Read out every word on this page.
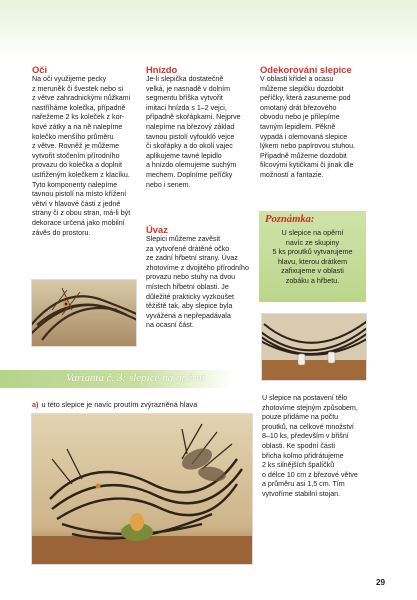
Oči

Na oči využijeme pecky
z meruněk či švestek nebo si
z větve zahradnickými nůžkami
nastříháme kolečka, případně
nařežeme 2 ks koleček z kor-
kové zátky a na ně nalepíme
kolečko menšího průměru
z větve. Rovněž je můžeme
vytvořit stočením přírodního
provazu do kolečka a doplnit
ustřiženým kolečkem z klacíku.
Tyto komponenty nalepíme
tavnou pistolí na místo křížení
větví v hlavové části z jedné
strany či z obou stran, má-li být
dekorace určená jako mobilní
závěs do prostoru.

Hnízdo

Je-li slepička dostatečně
velká, je nasnadě v dolním
segmentu bříška vytvořit
imitaci hnízda s 1–2 vejci,
případně skořápkami. Nejprve
nalepíme na březový základ
tavnou pistolí vyfoukló vejce
či skořápky a do okolí vajec
aplikujeme tavné lepidlo
a hnízdo olemujeme suchým
mechem. Doplníme peříčky
nebo i senem.

Úvaz

Slepici můžeme zavěsit
za vytvořené drátěné očko
ze zadní hřbetní strany. Úvaz
zhotovíme z dvojitého přírodního
provazu nebo stuhy na dvou
místech hřbetní oblasti. Je
důležité prakticky vyzkoušet
těžiště tak, aby slepice byla
vyvážená a nepřepadávala
na ocasní část.

Odekorování slepice

V oblasti křídel a ocasu
můžeme slepičku dozdobit
peříčky, která zasuneme pod
omotaný drát březového
obvodu nebo je přilepíme
tavným lepidlem. Pěkně
vypadá i olemovaná slepice
lýkem nebo papírovou stuhou.
Případně můžeme dozdobit
filcovými kytičkami či jinak dle
možností a fantazie.
Poznámka:
U slepice na opěrní
navíc ze skupiny
5 ks proutků vytvarujeme
hlavu, kterou drátkem
zafixujeme v oblasti
zobáku a hřbetu.
Varianta č. 3: slepice na opěrní
a) u této slepice je navíc proutím zvýrazněná hlava
U slepice na postavení tělo
zhotovíme stejným způsobem,
pouze přidáme na počtu
proutků, na celkové množství
8–10 ks, především v břišní
oblasti. Ke spodní části
břicha kolmo přidrátujeme
2 ks silnějších špalíčků
o délce 10 cm z březové větve
a průměru asi 1,5 cm. Tím
vytvoříme stabilní stojan.
29
